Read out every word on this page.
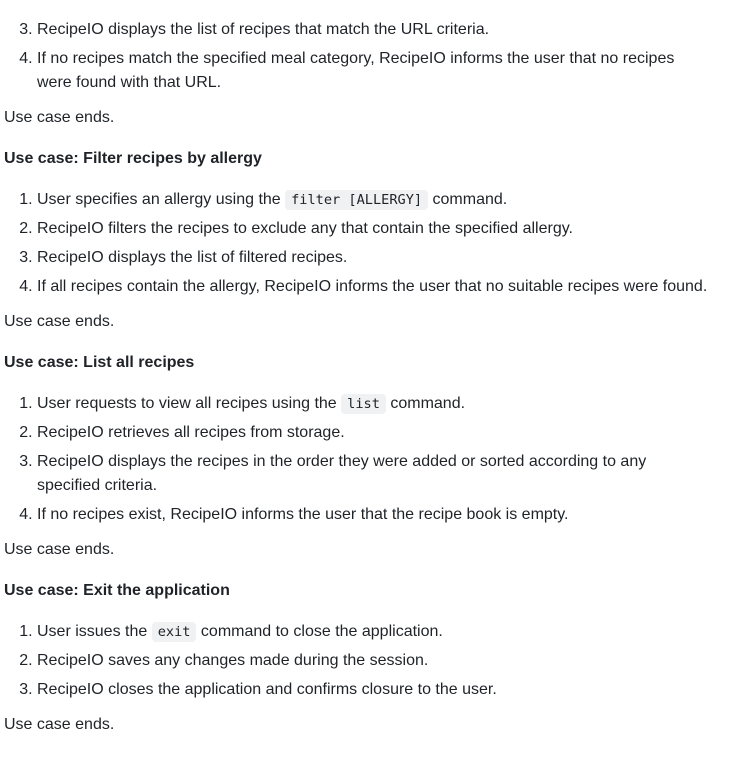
3. RecipeIO displays the list of recipes that match the URL criteria.
4. If no recipes match the specified meal category, RecipeIO informs the user that no recipes were found with that URL.

Use case ends.

Use case: Filter recipes by allergy

1. User specifies an allergy using the filter [ALLERGY] command.
2. RecipeIO filters the recipes to exclude any that contain the specified allergy.
3. RecipeIO displays the list of filtered recipes.
4. If all recipes contain the allergy, RecipeIO informs the user that no suitable recipes were found.

Use case ends.

Use case: List all recipes

1. User requests to view all recipes using the list command.
2. RecipeIO retrieves all recipes from storage.
3. RecipeIO displays the recipes in the order they were added or sorted according to any specified criteria.
4. If no recipes exist, RecipeIO informs the user that the recipe book is empty.

Use case ends.

Use case: Exit the application

1. User issues the exit command to close the application.
2. RecipeIO saves any changes made during the session.
3. RecipeIO closes the application and confirms closure to the user.

Use case ends.
